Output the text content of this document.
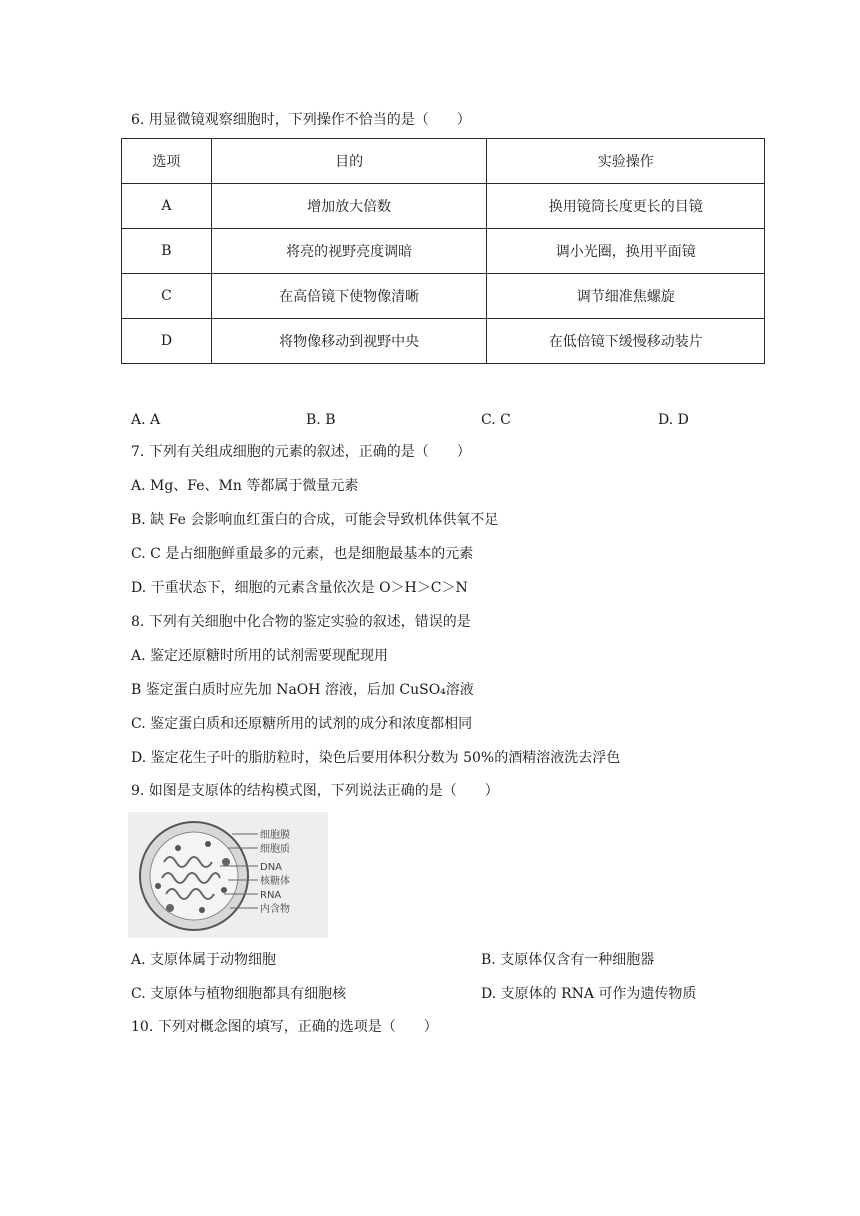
6. 用显微镜观察细胞时，下列操作不恰当的是（　　）
选项	目的	实验操作
A	增加放大倍数	换用镜筒长度更长的目镜
B	将亮的视野亮度调暗	调小光圈，换用平面镜
C	在高倍镜下使物像清晰	调节细准焦螺旋
D	将物像移动到视野中央	在低倍镜下缓慢移动装片
A. A	B. B	C. C	D. D
7. 下列有关组成细胞的元素的叙述，正确的是（　　）
A. Mg、Fe、Mn 等都属于微量元素
B. 缺 Fe 会影响血红蛋白的合成，可能会导致机体供氧不足
C. C 是占细胞鲜重最多的元素，也是细胞最基本的元素
D. 干重状态下，细胞的元素含量依次是 O＞H＞C＞N
8. 下列有关细胞中化合物的鉴定实验的叙述，错误的是
A. 鉴定还原糖时所用的试剂需要现配现用
B 鉴定蛋白质时应先加 NaOH 溶液，后加 CuSO₄溶液
C. 鉴定蛋白质和还原糖所用的试剂的成分和浓度都相同
D. 鉴定花生子叶的脂肪粒时，染色后要用体积分数为 50%的酒精溶液洗去浮色
9. 如图是支原体的结构模式图，下列说法正确的是（　　）
细胞膜
细胞质
DNA
核糖体
RNA
内含物
A. 支原体属于动物细胞	B. 支原体仅含有一种细胞器
C. 支原体与植物细胞都具有细胞核	D. 支原体的 RNA 可作为遗传物质
10. 下列对概念图的填写，正确的选项是（　　）
